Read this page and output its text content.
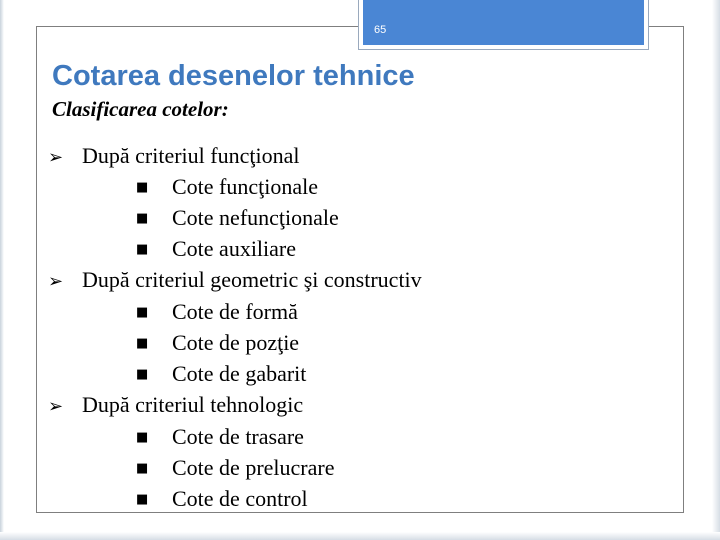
65
Cotarea desenelor tehnice
Clasificarea cotelor:
➢ După criteriul funcţional
■ Cote funcţionale
■ Cote nefuncţionale
■ Cote auxiliare
➢ După criteriul geometric şi constructiv
■ Cote de formă
■ Cote de pozţie
■ Cote de gabarit
➢ După criteriul tehnologic
■ Cote de trasare
■ Cote de prelucrare
■ Cote de control
